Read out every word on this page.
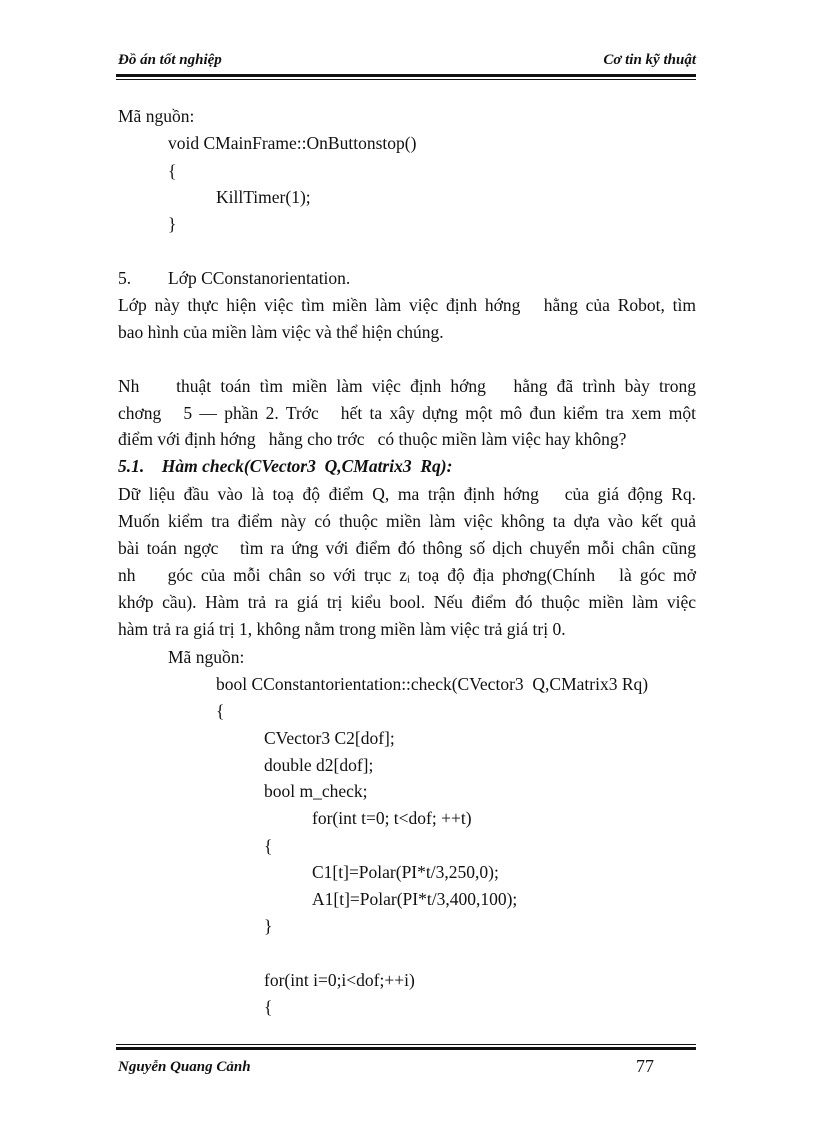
Đồ án tốt nghiệp	Cơ tin kỹ thuật
Mã nguồn:
void CMainFrame::OnButtonstop()
{
KillTimer(1);
}
5. Lớp CConstanorientation.
Lớp này thực hiện việc tìm miền làm việc định hớng   hằng của Robot, tìm
bao hình của miền làm việc và thể hiện chúng.
Nh    thuật toán tìm miền làm việc định hớng   hằng đã trình bày trong
chơng   5 — phần 2. Trớc   hết ta xây dựng một mô đun kiểm tra xem một
điểm với định hớng   hằng cho trớc   có thuộc miền làm việc hay không?
5.1.    Hàm check(CVector3  Q,CMatrix3  Rq):
Dữ liệu đầu vào là toạ độ điểm Q, ma trận định hớng   của giá động Rq.
Muốn kiểm tra điểm này có thuộc miền làm việc không ta dựa vào kết quả
bài toán ngợc   tìm ra ứng với điểm đó thông số dịch chuyển mỗi chân cũng
nh    góc của mỗi chân so với trục zᵢ toạ độ địa phơng(Chính   là góc mở
khớp cầu). Hàm trả ra giá trị kiểu bool. Nếu điểm đó thuộc miền làm việc
hàm trả ra giá trị 1, không nằm trong miền làm việc trả giá trị 0.
Mã nguồn:
bool CConstantorientation::check(CVector3  Q,CMatrix3 Rq)
{
CVector3 C2[dof];
double d2[dof];
bool m_check;
for(int t=0; t<dof; ++t)
{
C1[t]=Polar(PI*t/3,250,0);
A1[t]=Polar(PI*t/3,400,100);
}
for(int i=0;i<dof;++i)
{
Nguyễn Quang Cảnh	77
